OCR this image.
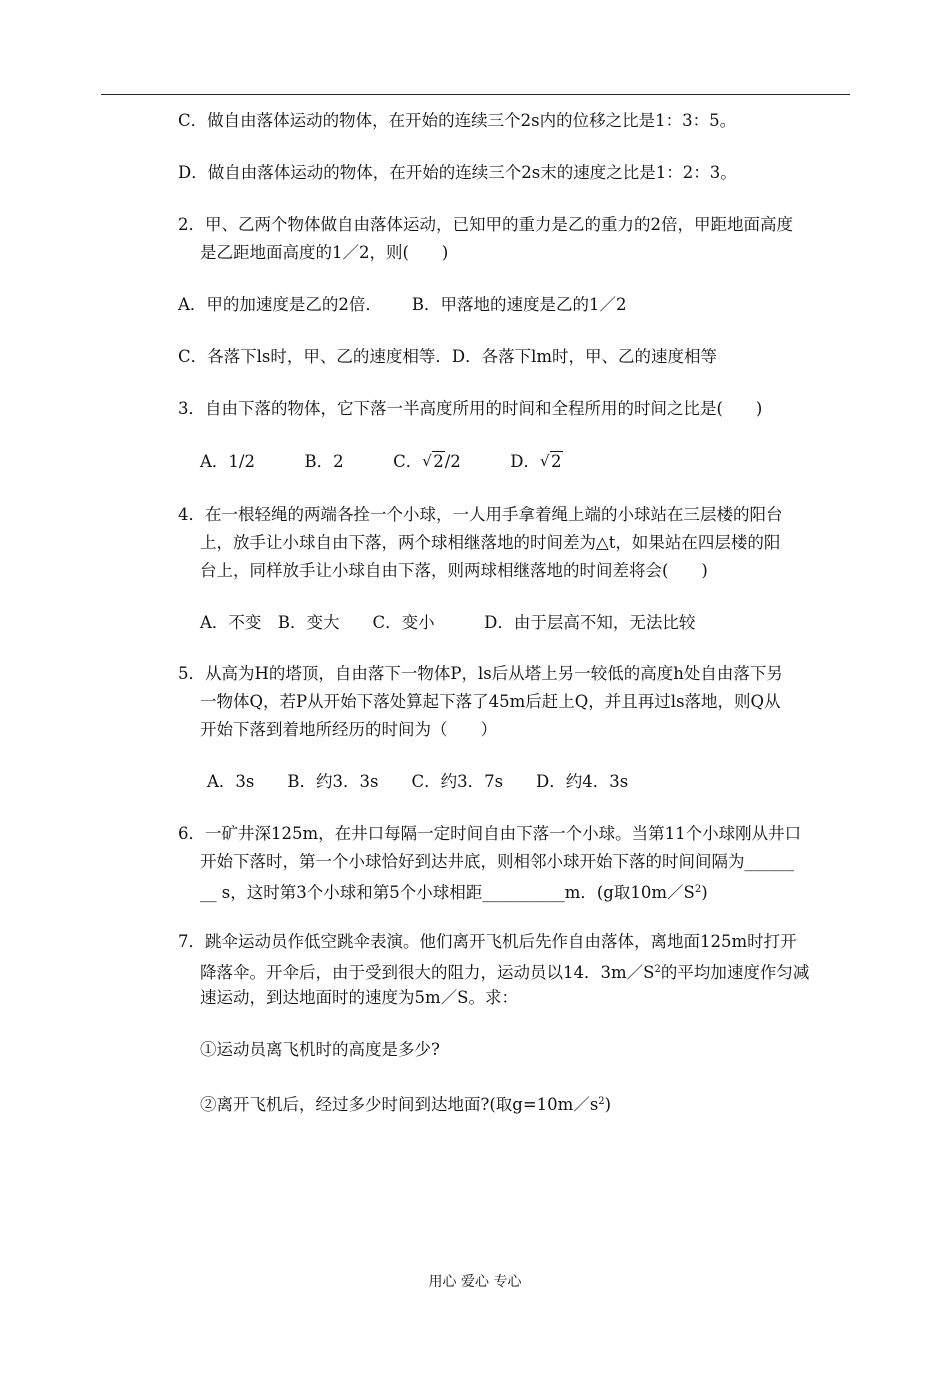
C．做自由落体运动的物体，在开始的连续三个2s内的位移之比是1：3：5。
D．做自由落体运动的物体，在开始的连续三个2s末的速度之比是1：2：3。
2．甲、乙两个物体做自由落体运动，已知甲的重力是乙的重力的2倍，甲距地面高度
是乙距地面高度的1／2，则(　　)
A．甲的加速度是乙的2倍．　　 B．甲落地的速度是乙的1／2
C．各落下ls时，甲、乙的速度相等．D．各落下lm时，甲、乙的速度相等
3．自由下落的物体，它下落一半高度所用的时间和全程所用的时间之比是(　　)
A．1/2　　　B．2　　　C． √ 2/2　　　D． √ 2
4．在一根轻绳的两端各拴一个小球，一人用手拿着绳上端的小球站在三层楼的阳台
上，放手让小球自由下落，两个球相继落地的时间差为△t，如果站在四层楼的阳
台上，同样放手让小球自由下落，则两球相继落地的时间差将会(　　)
A．不变　B．变大　　C．变小　　　D．由于层高不知，无法比较
5．从高为H的塔顶，自由落下一物体P，ls后从塔上另一较低的高度h处自由落下另
一物体Q，若P从开始下落处算起下落了45m后赶上Q，并且再过ls落地，则Q从
开始下落到着地所经历的时间为（　　）
A．3s　　B．约3．3s　　C．约3．7s　　D．约4．3s
6．一矿井深125m，在井口每隔一定时间自由下落一个小球。当第11个小球刚从井口
开始下落时，第一个小球恰好到达井底，则相邻小球开始下落的时间间隔为______
__ s，这时第3个小球和第5个小球相距__________m．(g取$10m/S^2$)
7．跳伞运动员作低空跳伞表演。他们离开飞机后先作自由落体，离地面125m时打开
降落伞。开伞后，由于受到很大的阻力，运动员以14．$3m/S^2$的平均加速度作匀减
速运动，到达地面时的速度为5m／S。求：
①运动员离飞机时的高度是多少?
②离开飞机后，经过多少时间到达地面?(取$g=10m/s^2$)
用心 爱心 专心
